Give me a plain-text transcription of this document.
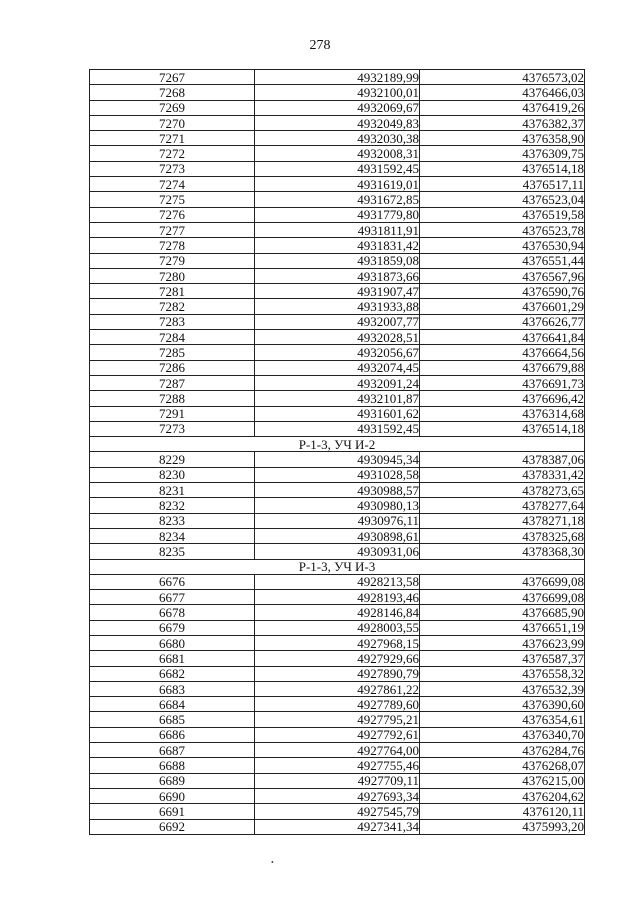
278
7267	4932189,99	4376573,02
7268	4932100,01	4376466,03
7269	4932069,67	4376419,26
7270	4932049,83	4376382,37
7271	4932030,38	4376358,90
7272	4932008,31	4376309,75
7273	4931592,45	4376514,18
7274	4931619,01	4376517,11
7275	4931672,85	4376523,04
7276	4931779,80	4376519,58
7277	4931811,91	4376523,78
7278	4931831,42	4376530,94
7279	4931859,08	4376551,44
7280	4931873,66	4376567,96
7281	4931907,47	4376590,76
7282	4931933,88	4376601,29
7283	4932007,77	4376626,77
7284	4932028,51	4376641,84
7285	4932056,67	4376664,56
7286	4932074,45	4376679,88
7287	4932091,24	4376691,73
7288	4932101,87	4376696,42
7291	4931601,62	4376314,68
7273	4931592,45	4376514,18
Р-1-3, УЧ И-2		
8229	4930945,34	4378387,06
8230	4931028,58	4378331,42
8231	4930988,57	4378273,65
8232	4930980,13	4378277,64
8233	4930976,11	4378271,18
8234	4930898,61	4378325,68
8235	4930931,06	4378368,30
Р-1-3, УЧ И-3		
6676	4928213,58	4376699,08
6677	4928193,46	4376699,08
6678	4928146,84	4376685,90
6679	4928003,55	4376651,19
6680	4927968,15	4376623,99
6681	4927929,66	4376587,37
6682	4927890,79	4376558,32
6683	4927861,22	4376532,39
6684	4927789,60	4376390,60
6685	4927795,21	4376354,61
6686	4927792,61	4376340,70
6687	4927764,00	4376284,76
6688	4927755,46	4376268,07
6689	4927709,11	4376215,00
6690	4927693,34	4376204,62
6691	4927545,79	4376120,11
6692	4927341,34	4375993,20
•
